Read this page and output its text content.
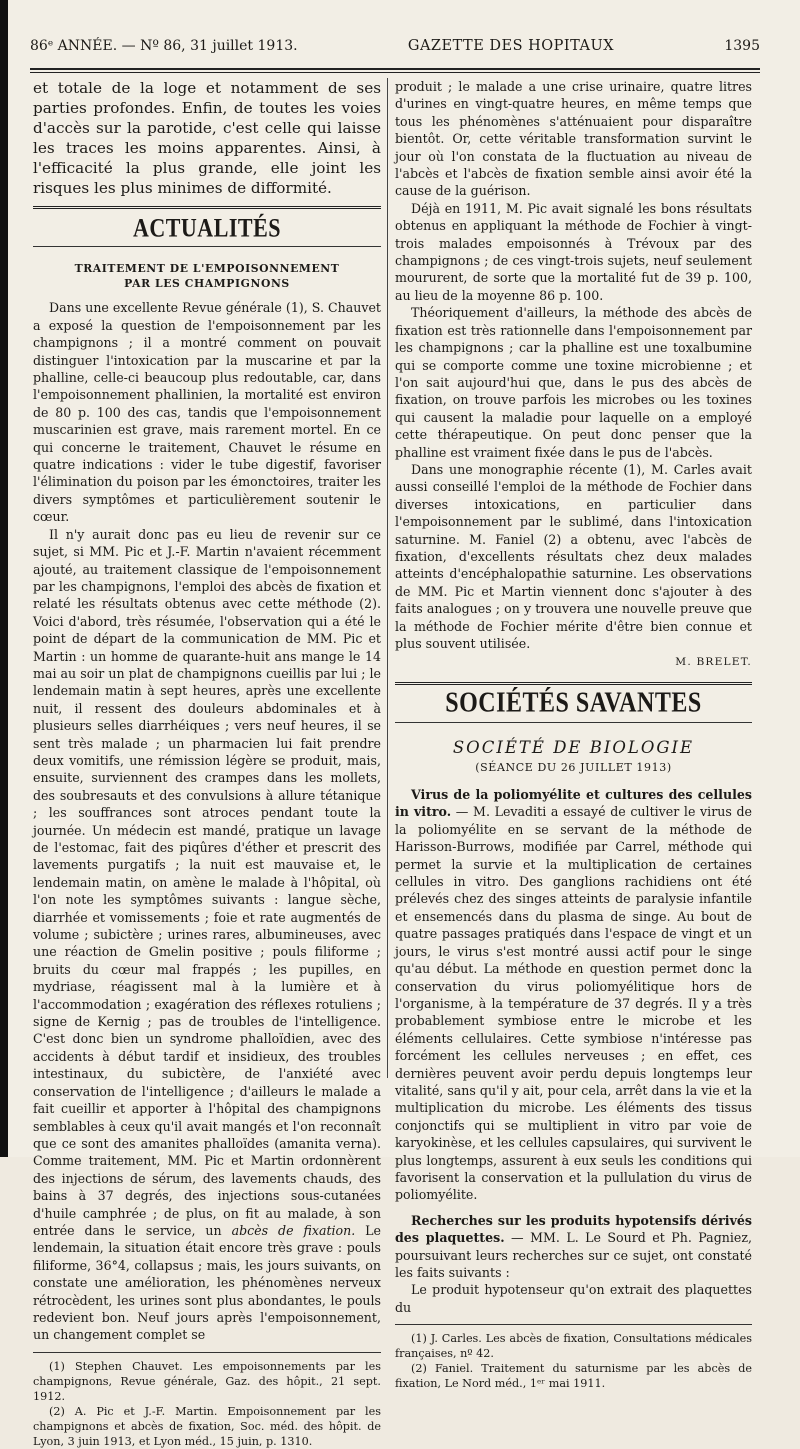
86ᵉ ANNÉE. — Nº 86, 31 juillet 1913.	GAZETTE DES HOPITAUX	1395

et totale de la loge et notamment de ses parties profondes. Enfin, de toutes les voies d'accès sur la parotide, c'est celle qui laisse les traces les moins apparentes. Ainsi, à l'efficacité la plus grande, elle joint les risques les plus minimes de difformité.

ACTUALITÉS
TRAITEMENT DE L'EMPOISONNEMENT
PAR LES CHAMPIGNONS

Dans une excellente Revue générale (1), S. Chauvet a exposé la question de l'empoisonnement par les champignons ; il a montré comment on pouvait distinguer l'intoxication par la muscarine et par la phalline, celle-ci beaucoup plus redoutable, car, dans l'empoisonnement phallinien, la mortalité est environ de 80 p. 100 des cas, tandis que l'empoisonnement muscarinien est grave, mais rarement mortel. En ce qui concerne le traitement, Chauvet le résume en quatre indications : vider le tube digestif, favoriser l'élimination du poison par les émonctoires, traiter les divers symptômes et particulièrement soutenir le cœur.

Il n'y aurait donc pas eu lieu de revenir sur ce sujet, si MM. Pic et J.-F. Martin n'avaient récemment ajouté, au traitement classique de l'empoisonnement par les champignons, l'emploi des abcès de fixation et relaté les résultats obtenus avec cette méthode (2). Voici d'abord, très résumée, l'observation qui a été le point de départ de la communication de MM. Pic et Martin : un homme de quarante-huit ans mange le 14 mai au soir un plat de champignons cueillis par lui ; le lendemain matin à sept heures, après une excellente nuit, il ressent des douleurs abdominales et à plusieurs selles diarrhéiques ; vers neuf heures, il se sent très malade ; un pharmacien lui fait prendre deux vomitifs, une rémission légère se produit, mais, ensuite, surviennent des crampes dans les mollets, des soubresauts et des convulsions à allure tétanique ; les souffrances sont atroces pendant toute la journée. Un médecin est mandé, pratique un lavage de l'estomac, fait des piqûres d'éther et prescrit des lavements purgatifs ; la nuit est mauvaise et, le lendemain matin, on amène le malade à l'hôpital, où l'on note les symptômes suivants : langue sèche, diarrhée et vomissements ; foie et rate augmentés de volume ; subictère ; urines rares, albumineuses, avec une réaction de Gmelin positive ; pouls filiforme ; bruits du cœur mal frappés ; les pupilles, en mydriase, réagissent mal à la lumière et à l'accommodation ; exagération des réflexes rotuliens ; signe de Kernig ; pas de troubles de l'intelligence. C'est donc bien un syndrome phalloïdien, avec des accidents à début tardif et insidieux, des troubles intestinaux, du subictère, de l'anxiété avec conservation de l'intelligence ; d'ailleurs le malade a fait cueillir et apporter à l'hôpital des champignons semblables à ceux qu'il avait mangés et l'on reconnaît que ce sont des amanites phalloïdes (amanita verna). Comme traitement, MM. Pic et Martin ordonnèrent des injections de sérum, des lavements chauds, des bains à 37 degrés, des injections sous-cutanées d'huile camphrée ; de plus, on fit au malade, à son entrée dans le service, un abcès de fixation. Le lendemain, la situation était encore très grave : pouls filiforme, 36°4, collapsus ; mais, les jours suivants, on constate une amélioration, les phénomènes nerveux rétrocèdent, les urines sont plus abondantes, le pouls redevient bon. Neuf jours après l'empoisonnement, un changement complet se

(1) Stephen Chauvet. Les empoisonnements par les champignons, Revue générale, Gaz. des hôpit., 21 sept. 1912.

(2) A. Pic et J.-F. Martin. Empoisonnement par les champignons et abcès de fixation, Soc. méd. des hôpit. de Lyon, 3 juin 1913, et Lyon méd., 15 juin, p. 1310.

produit ; le malade a une crise urinaire, quatre litres d'urines en vingt-quatre heures, en même temps que tous les phénomènes s'atténuaient pour disparaître bientôt. Or, cette véritable transformation survint le jour où l'on constata de la fluctuation au niveau de l'abcès et l'abcès de fixation semble ainsi avoir été la cause de la guérison.

Déjà en 1911, M. Pic avait signalé les bons résultats obtenus en appliquant la méthode de Fochier à vingt-trois malades empoisonnés à Trévoux par des champignons ; de ces vingt-trois sujets, neuf seulement moururent, de sorte que la mortalité fut de 39 p. 100, au lieu de la moyenne 86 p. 100.

Théoriquement d'ailleurs, la méthode des abcès de fixation est très rationnelle dans l'empoisonnement par les champignons ; car la phalline est une toxalbumine qui se comporte comme une toxine microbienne ; et l'on sait aujourd'hui que, dans le pus des abcès de fixation, on trouve parfois les microbes ou les toxines qui causent la maladie pour laquelle on a employé cette thérapeutique. On peut donc penser que la phalline est vraiment fixée dans le pus de l'abcès.

Dans une monographie récente (1), M. Carles avait aussi conseillé l'emploi de la méthode de Fochier dans diverses intoxications, en particulier dans l'empoisonnement par le sublimé, dans l'intoxication saturnine. M. Faniel (2) a obtenu, avec l'abcès de fixation, d'excellents résultats chez deux malades atteints d'encéphalopathie saturnine. Les observations de MM. Pic et Martin viennent donc s'ajouter à des faits analogues ; on y trouvera une nouvelle preuve que la méthode de Fochier mérite d'être bien connue et plus souvent utilisée.

M. BRELET.
SOCIÉTÉS SAVANTES
SOCIÉTÉ DE BIOLOGIE
(SÉANCE DU 26 JUILLET 1913)

Virus de la poliomyélite et cultures des cellules in vitro. — M. Levaditi a essayé de cultiver le virus de la poliomyélite en se servant de la méthode de Harisson-Burrows, modifiée par Carrel, méthode qui permet la survie et la multiplication de certaines cellules in vitro. Des ganglions rachidiens ont été prélevés chez des singes atteints de paralysie infantile et ensemencés dans du plasma de singe. Au bout de quatre passages pratiqués dans l'espace de vingt et un jours, le virus s'est montré aussi actif pour le singe qu'au début. La méthode en question permet donc la conservation du virus poliomyélitique hors de l'organisme, à la température de 37 degrés. Il y a très probablement symbiose entre le microbe et les éléments cellulaires. Cette symbiose n'intéresse pas forcément les cellules nerveuses ; en effet, ces dernières peuvent avoir perdu depuis longtemps leur vitalité, sans qu'il y ait, pour cela, arrêt dans la vie et la multiplication du microbe. Les éléments des tissus conjonctifs qui se multiplient in vitro par voie de karyokinèse, et les cellules capsulaires, qui survivent le plus longtemps, assurent à eux seuls les conditions qui favorisent la conservation et la pullulation du virus de poliomyélite.

Recherches sur les produits hypotensifs dérivés des plaquettes. — MM. L. Le Sourd et Ph. Pagniez, poursuivant leurs recherches sur ce sujet, ont constaté les faits suivants :

Le produit hypotenseur qu'on extrait des plaquettes du

(1) J. Carles. Les abcès de fixation, Consultations médicales françaises, nº 42.

(2) Faniel. Traitement du saturnisme par les abcès de fixation, Le Nord méd., 1ᵉʳ mai 1911.
